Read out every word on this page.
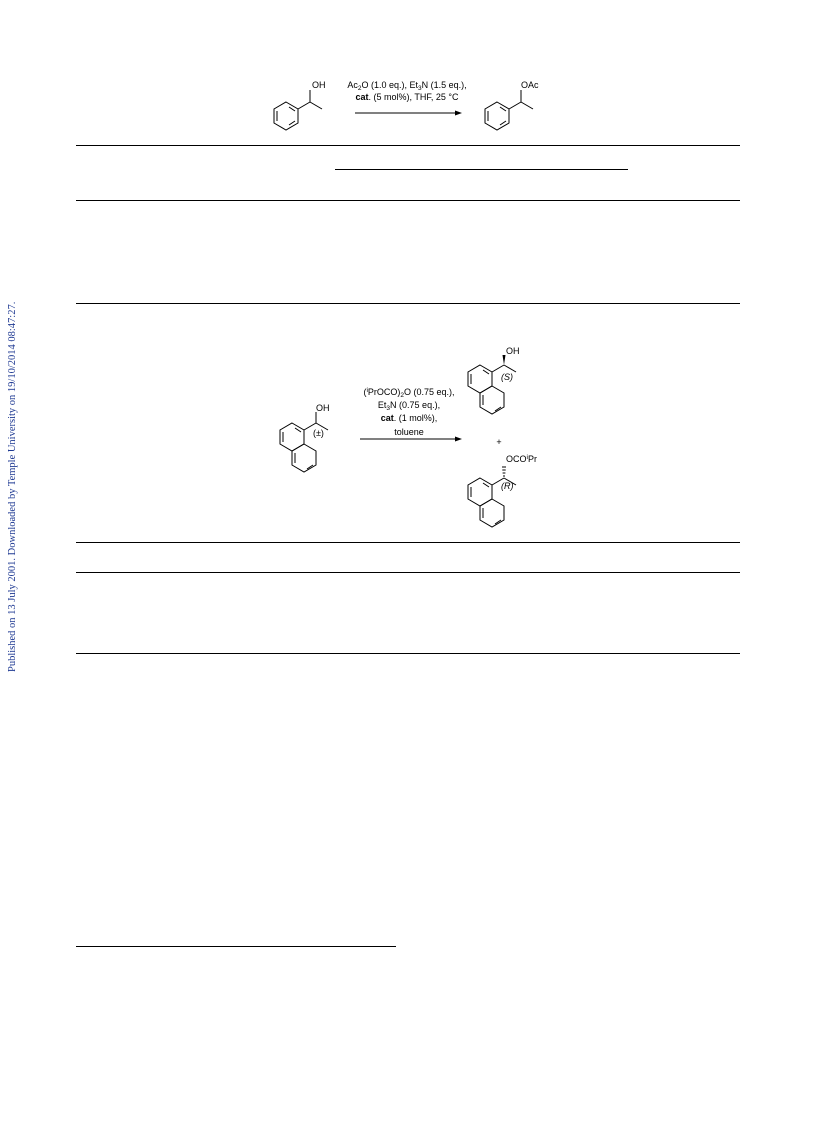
Published on 13 July 2001. Downloaded by Temple University on 19/10/2014 08:47:27.
OH $Ac_2O$ (1.0 eq.), $Et_3N$ (1.5 eq.),
cat. (5 mol%), THF, 25 °C
OAc
OH
(±)
$(^iPrOCO)_2O$ (0.75 eq.),
$Et_3N$ (0.75 eq.),
cat. (1 mol%),
toluene
OH
(S)
+
$OCO^iPr$
(R)
